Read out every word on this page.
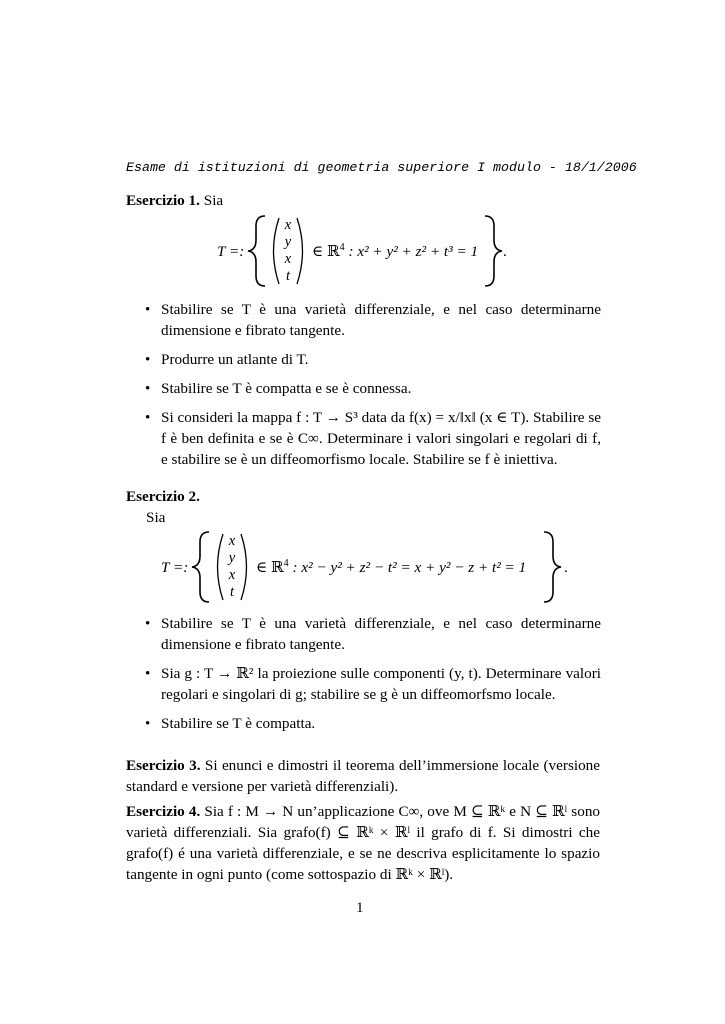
Esame di istituzioni di geometria superiore I modulo - 18/1/2006
Esercizio 1. Sia
T =:
x
y
x
t
∈ ℝ$^4$ : x² + y² + z² + t³ = 1 .
• Stabilire se T è una varietà differenziale, e nel caso determinarne dimensione e fibrato tangente.
• Produrre un atlante di T.
• Stabilire se T è compatta e se è connessa.
• Si consideri la mappa f : T → S³ data da f(x) = x/‖x‖ (x ∈ T). Stabilire se f è ben definita e se è C∞. Determinare i valori singolari e regolari di f, e stabilire se è un diffeomorfismo locale. Stabilire se f è iniettiva.
Esercizio 2.
Sia
T =:
x
y
x
t
∈ ℝ$^4$ : x² − y² + z² − t² = x + y² − z + t² = 1 .
• Stabilire se T è una varietà differenziale, e nel caso determinarne dimensione e fibrato tangente.
• Sia g : T → ℝ² la proiezione sulle componenti (y, t). Determinare valori regolari e singolari di g; stabilire se g è un diffeomorfsmo locale.
• Stabilire se T è compatta.
Esercizio 3. Si enunci e dimostri il teorema dell’immersione locale (versione standard e versione per varietà differenziali).
Esercizio 4. Sia f : M → N un’applicazione C∞, ove M ⊆ ℝᵏ e N ⊆ ℝˡ sono varietà differenziali. Sia grafo(f) ⊆ ℝᵏ × ℝˡ il grafo di f. Si dimostri che grafo(f) é una varietà differenziale, e se ne descriva esplicitamente lo spazio tangente in ogni punto (come sottospazio di ℝᵏ × ℝˡ).
1
